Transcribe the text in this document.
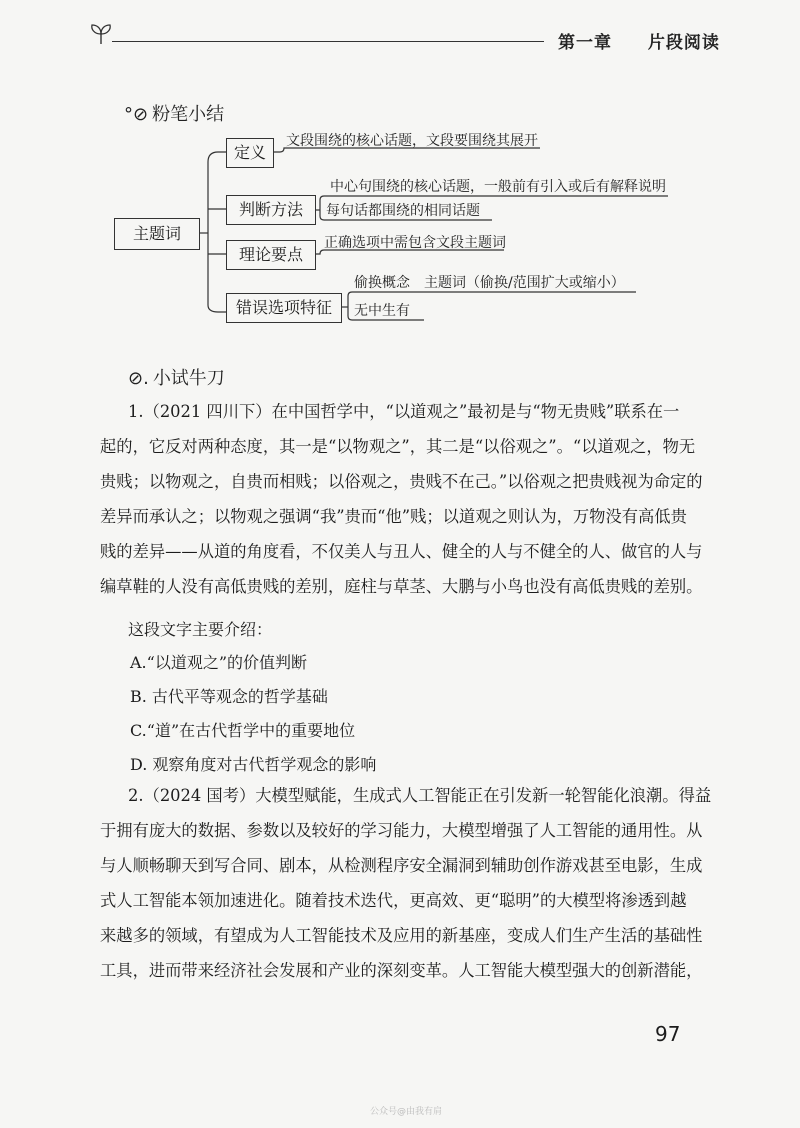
第一章 片段阅读
°⊘ 粉笔小结
主题词
定义
文段围绕的核心话题，文段要围绕其展开
判断方法
中心句围绕的核心话题，一般前有引入或后有解释说明
每句话都围绕的相同话题
理论要点
正确选项中需包含文段主题词
错误选项特征
偷换概念　主题词（偷换/范围扩大或缩小）
无中生有
⊘. 小试牛刀
1.（2021 四川下）在中国哲学中，“以道观之”最初是与“物无贵贱”联系在一
起的，它反对两种态度，其一是“以物观之”，其二是“以俗观之”。“以道观之，物无
贵贱；以物观之，自贵而相贱；以俗观之，贵贱不在己。”以俗观之把贵贱视为命定的
差异而承认之；以物观之强调“我”贵而“他”贱；以道观之则认为，万物没有高低贵
贱的差异——从道的角度看，不仅美人与丑人、健全的人与不健全的人、做官的人与
编草鞋的人没有高低贵贱的差别，庭柱与草茎、大鹏与小鸟也没有高低贵贱的差别。
这段文字主要介绍：
A.“以道观之”的价值判断
B. 古代平等观念的哲学基础
C.“道”在古代哲学中的重要地位
D. 观察角度对古代哲学观念的影响
2.（2024 国考）大模型赋能，生成式人工智能正在引发新一轮智能化浪潮。得益
于拥有庞大的数据、参数以及较好的学习能力，大模型增强了人工智能的通用性。从
与人顺畅聊天到写合同、剧本，从检测程序安全漏洞到辅助创作游戏甚至电影，生成
式人工智能本领加速进化。随着技术迭代，更高效、更“聪明”的大模型将渗透到越
来越多的领域，有望成为人工智能技术及应用的新基座，变成人们生产生活的基础性
工具，进而带来经济社会发展和产业的深刻变革。人工智能大模型强大的创新潜能，
97
公众号@由我有肩
